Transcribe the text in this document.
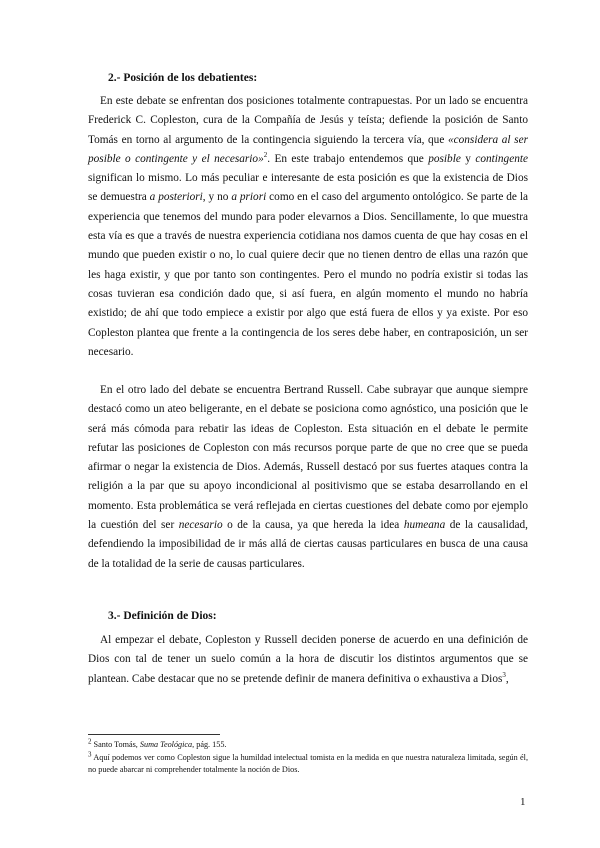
2.- Posición de los debatientes:

En este debate se enfrentan dos posiciones totalmente contrapuestas. Por un lado se encuentra Frederick C. Copleston, cura de la Compañía de Jesús y teísta; defiende la posición de Santo Tomás en torno al argumento de la contingencia siguiendo la tercera vía, que «considera al ser posible o contingente y el necesario»$^2$. En este trabajo entendemos que posible y contingente significan lo mismo. Lo más peculiar e interesante de esta posición es que la existencia de Dios se demuestra a posteriori, y no a priori como en el caso del argumento ontológico. Se parte de la experiencia que tenemos del mundo para poder elevarnos a Dios. Sencillamente, lo que muestra esta vía es que a través de nuestra experiencia cotidiana nos damos cuenta de que hay cosas en el mundo que pueden existir o no, lo cual quiere decir que no tienen dentro de ellas una razón que les haga existir, y que por tanto son contingentes. Pero el mundo no podría existir si todas las cosas tuvieran esa condición dado que, si así fuera, en algún momento el mundo no habría existido; de ahí que todo empiece a existir por algo que está fuera de ellos y ya existe. Por eso Copleston plantea que frente a la contingencia de los seres debe haber, en contraposición, un ser necesario.

En el otro lado del debate se encuentra Bertrand Russell. Cabe subrayar que aunque siempre destacó como un ateo beligerante, en el debate se posiciona como agnóstico, una posición que le será más cómoda para rebatir las ideas de Copleston. Esta situación en el debate le permite refutar las posiciones de Copleston con más recursos porque parte de que no cree que se pueda afirmar o negar la existencia de Dios. Además, Russell destacó por sus fuertes ataques contra la religión a la par que su apoyo incondicional al positivismo que se estaba desarrollando en el momento. Esta problemática se verá reflejada en ciertas cuestiones del debate como por ejemplo la cuestión del ser necesario o de la causa, ya que hereda la idea humeana de la causalidad, defendiendo la imposibilidad de ir más allá de ciertas causas particulares en busca de una causa de la totalidad de la serie de causas particulares.

3.- Definición de Dios:

Al empezar el debate, Copleston y Russell deciden ponerse de acuerdo en una definición de Dios con tal de tener un suelo común a la hora de discutir los distintos argumentos que se plantean. Cabe destacar que no se pretende definir de manera definitiva o exhaustiva a Dios$^3$,

$^2$ Santo Tomás, Suma Teológica, pág. 155.

$^3$ Aquí podemos ver como Copleston sigue la humildad intelectual tomista en la medida en que nuestra naturaleza limitada, según él, no puede abarcar ni comprehender totalmente la noción de Dios.

1
